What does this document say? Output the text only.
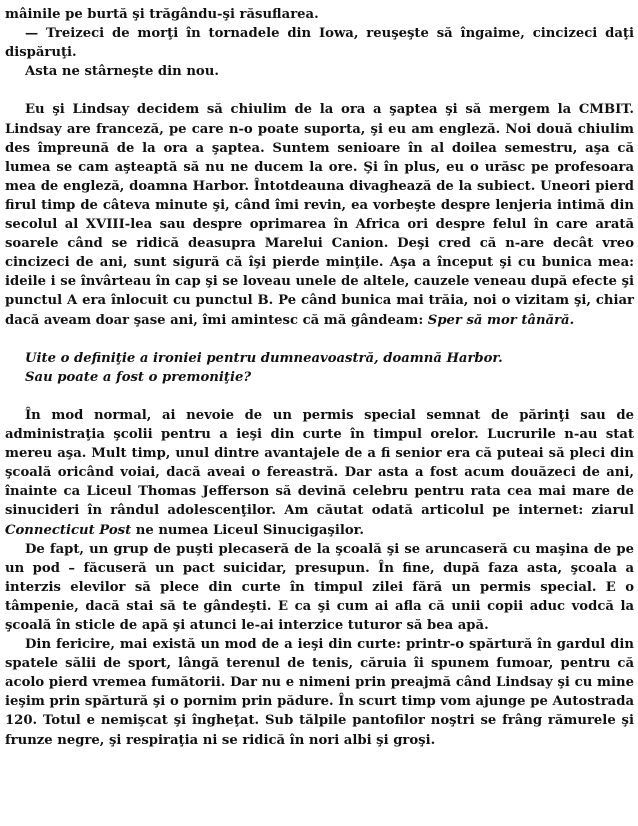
mâinile pe burtă şi trăgându-şi răsuflarea.

— Treizeci de morţi în tornadele din Iowa, reuşeşte să îngaime, cincizeci daţi dispăruţi.

Asta ne stârneşte din nou.

Eu şi Lindsay decidem să chiulim de la ora a şaptea şi să mergem la CMBIT. Lindsay are franceză, pe care n-o poate suporta, şi eu am engleză. Noi două chiulim des împreună de la ora a şaptea. Suntem senioare în al doilea semestru, aşa că lumea se cam aşteaptă să nu ne ducem la ore. Şi în plus, eu o urăsc pe profesoara mea de engleză, doamna Harbor. Întotdeauna divaghează de la subiect. Uneori pierd firul timp de câteva minute şi, când îmi revin, ea vorbeşte despre lenjeria intimă din secolul al XVIII-lea sau despre oprimarea în Africa ori despre felul în care arată soarele când se ridică deasupra Marelui Canion. Deşi cred că n-are decât vreo cincizeci de ani, sunt sigură că îşi pierde minţile. Aşa a început şi cu bunica mea: ideile i se învârteau în cap şi se loveau unele de altele, cauzele veneau după efecte şi punctul A era înlocuit cu punctul B. Pe când bunica mai trăia, noi o vizitam şi, chiar dacă aveam doar şase ani, îmi amintesc că mă gândeam: Sper să mor tânără.

Uite o definiţie a ironiei pentru dumneavoastră, doamnă Harbor.

Sau poate a fost o premoniţie?

În mod normal, ai nevoie de un permis special semnat de părinţi sau de administraţia şcolii pentru a ieşi din curte în timpul orelor. Lucrurile n-au stat mereu aşa. Mult timp, unul dintre avantajele de a fi senior era că puteai să pleci din şcoală oricând voiai, dacă aveai o fereastră. Dar asta a fost acum douăzeci de ani, înainte ca Liceul Thomas Jefferson să devină celebru pentru rata cea mai mare de sinucideri în rândul adolescenţilor. Am căutat odată articolul pe internet: ziarul Connecticut Post ne numea Liceul Sinucigaşilor.

De fapt, un grup de puşti plecaseră de la şcoală şi se aruncaseră cu maşina de pe un pod – făcuseră un pact suicidar, presupun. În fine, după faza asta, şcoala a interzis elevilor să plece din curte în timpul zilei fără un permis special. E o tâmpenie, dacă stai să te gândeşti. E ca şi cum ai afla că unii copii aduc vodcă la şcoală în sticle de apă şi atunci le-ai interzice tuturor să bea apă.

Din fericire, mai există un mod de a ieşi din curte: printr-o spărtură în gardul din spatele sălii de sport, lângă terenul de tenis, căruia îi spunem fumoar, pentru că acolo pierd vremea fumătorii. Dar nu e nimeni prin preajmă când Lindsay şi cu mine ieşim prin spărtură şi o pornim prin pădure. În scurt timp vom ajunge pe Autostrada 120. Totul e nemişcat şi îngheţat. Sub tălpile pantofilor noştri se frâng rămurele şi frunze negre, şi respiraţia ni se ridică în nori albi şi groşi.
